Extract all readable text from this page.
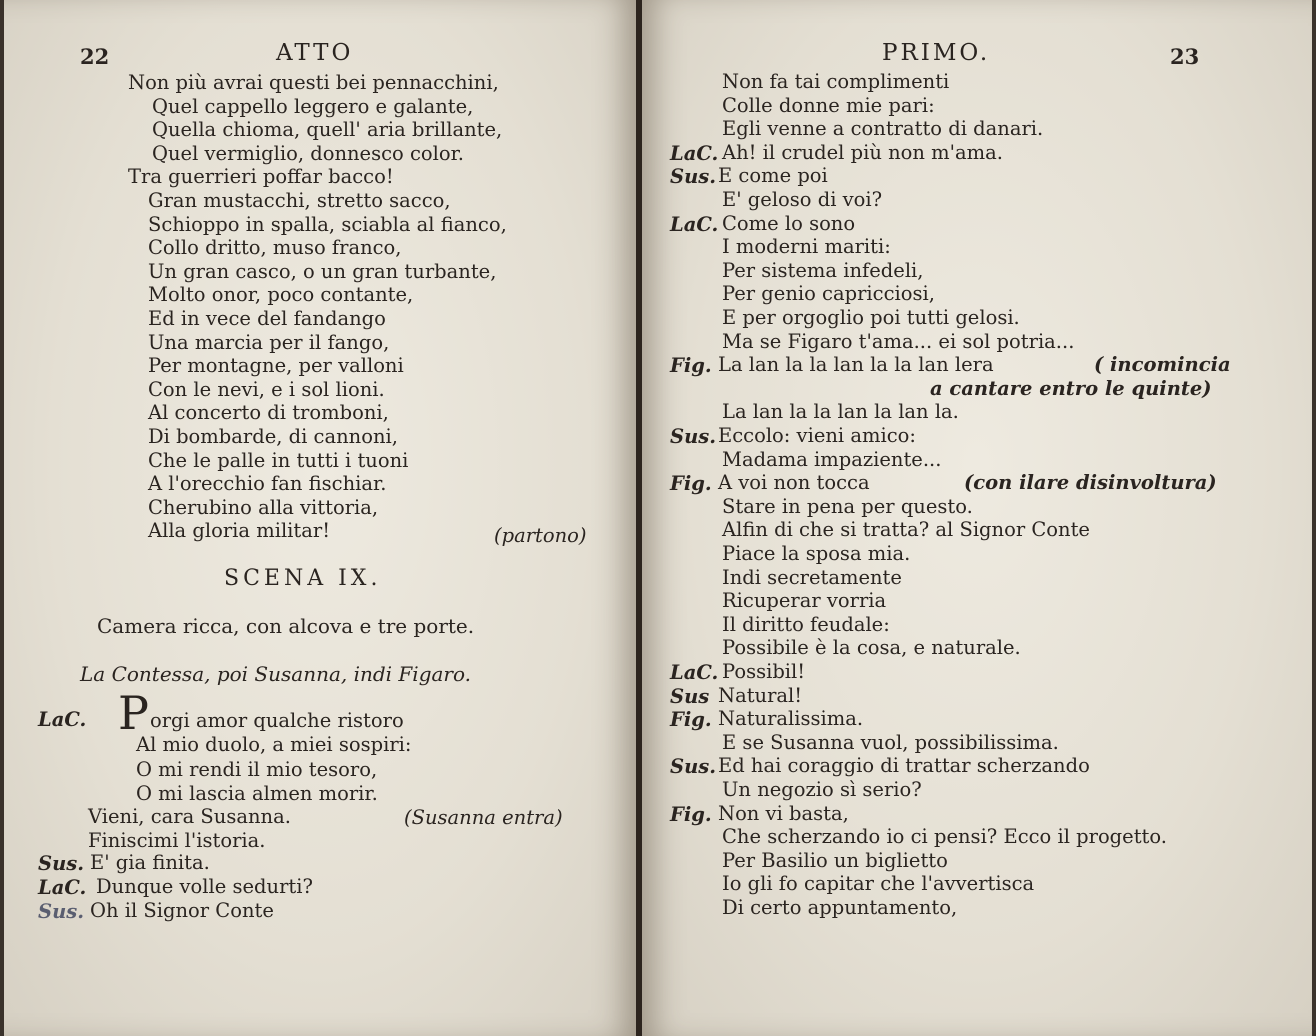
22	ATTO
Non più avrai questi bei pennacchini,
Quel cappello leggero e galante,
Quella chioma, quell' aria brillante,
Quel vermiglio, donnesco color.
Tra guerrieri poffar bacco!
Gran mustacchi, stretto sacco,
Schioppo in spalla, sciabla al fianco,
Collo dritto, muso franco,
Un gran casco, o un gran turbante,
Molto onor, poco contante,
Ed in vece del fandango
Una marcia per il fango,
Per montagne, per valloni
Con le nevi, e i sol lioni.
Al concerto di tromboni,
Di bombarde, di cannoni,
Che le palle in tutti i tuoni
A l'orecchio fan fischiar.
Cherubino alla vittoria,
Alla gloria militar!	(partono)
SCENA IX.
Camera ricca, con alcova e tre porte.
La Contessa, poi Susanna, indi Figaro.
LaC. P orgi amor qualche ristoro
Al mio duolo, a miei sospiri:
O mi rendi il mio tesoro,
O mi lascia almen morir.
Vieni, cara Susanna.	(Susanna entra)
Finiscimi l'istoria.
Sus. E' gia finita.
LaC. Dunque volle sedurti?
Sus. Oh il Signor Conte
PRIMO.	23
Non fa tai complimenti
Colle donne mie pari:
Egli venne a contratto di danari.
LaC. Ah! il crudel più non m'ama.
Sus. E come poi
E' geloso di voi?
LaC. Come lo sono
I moderni mariti:
Per sistema infedeli,
Per genio capricciosi,
E per orgoglio poi tutti gelosi.
Ma se Figaro t'ama... ei sol potria...
Fig. La lan la la lan la la lan lera
La lan la la lan la lan la.
Sus. Eccolo: vieni amico:
Madama impaziente...
Fig. A voi non tocca
Stare in pena per questo.
Alfin di che si tratta? al Signor Conte
Piace la sposa mia.
Indi secretamente
Ricuperar vorria
Il diritto feudale:
Possibile è la cosa, e naturale.
LaC. Possibil!
Sus Natural!
Fig. Naturalissima.
E se Susanna vuol, possibilissima.
Sus. Ed hai coraggio di trattar scherzando
Un negozio sì serio?
Fig. Non vi basta,
Che scherzando io ci pensi? Ecco il progetto.
Per Basilio un biglietto
Io gli fo capitar che l'avvertisca
Di certo appuntamento,
( incomincia
a cantare entro le quinte)
(con ilare disinvoltura)
